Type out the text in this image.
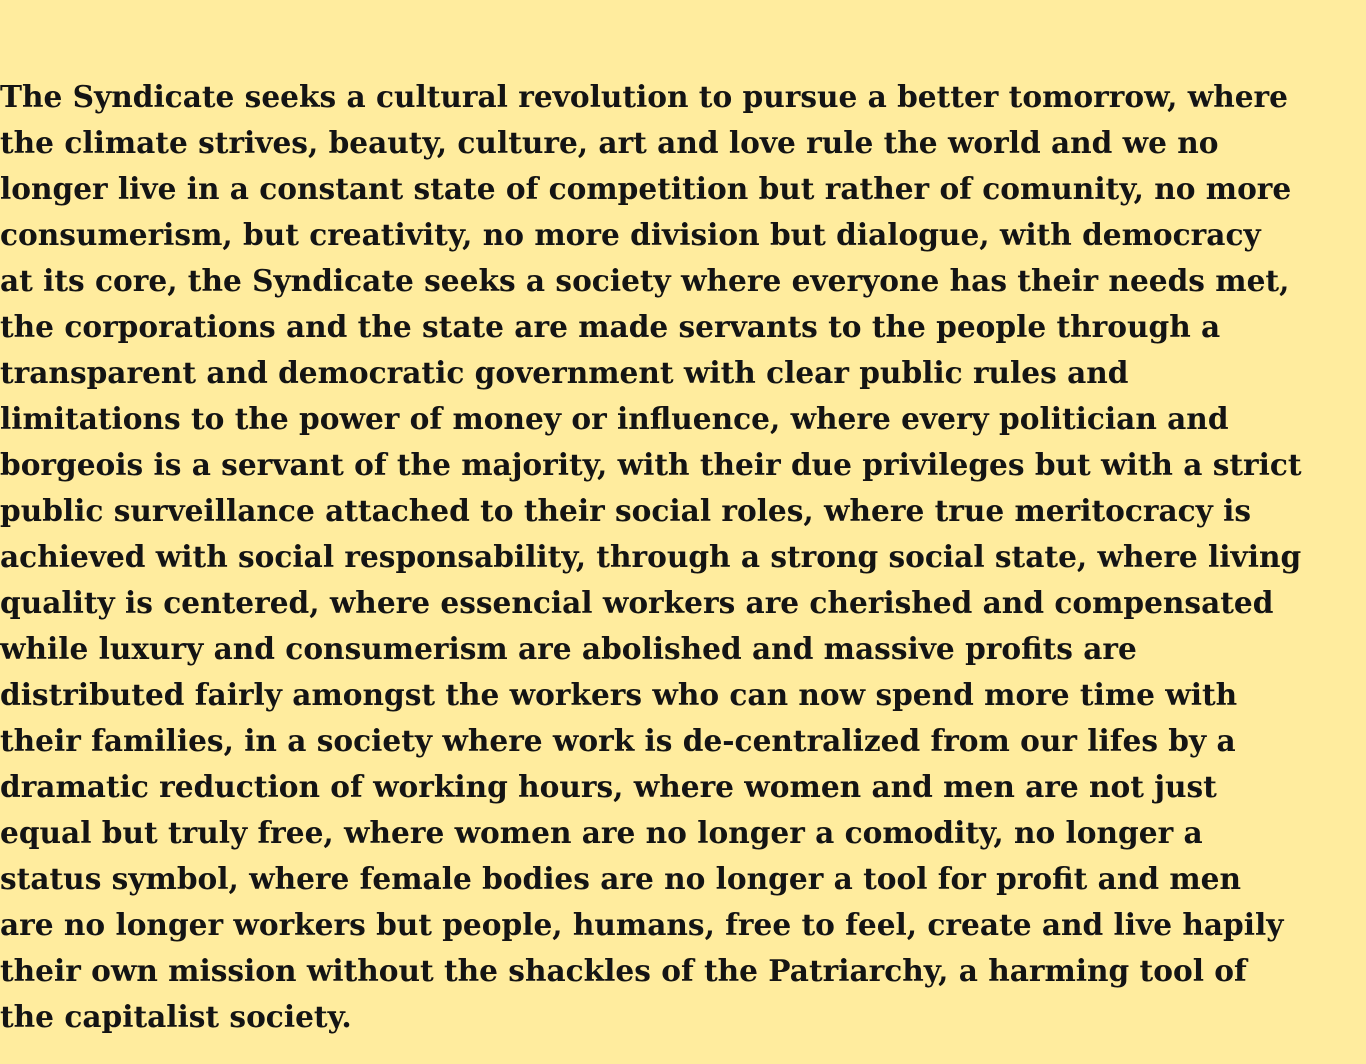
The Syndicate seeks a cultural revolution to pursue a better tomorrow, where
the climate strives, beauty, culture, art and love rule the world and we no
longer live in a constant state of competition but rather of comunity, no more
consumerism, but creativity, no more division but dialogue, with democracy
at its core, the Syndicate seeks a society where everyone has their needs met,
the corporations and the state are made servants to the people through a
transparent and democratic government with clear public rules and
limitations to the power of money or influence, where every politician and
borgeois is a servant of the majority, with their due privileges but with a strict
public surveillance attached to their social roles, where true meritocracy is
achieved with social responsability, through a strong social state, where living
quality is centered, where essencial workers are cherished and compensated
while luxury and consumerism are abolished and massive profits are
distributed fairly amongst the workers who can now spend more time with
their families, in a society where work is de-centralized from our lifes by a
dramatic reduction of working hours, where women and men are not just
equal but truly free, where women are no longer a comodity, no longer a
status symbol, where female bodies are no longer a tool for profit and men
are no longer workers but people, humans, free to feel, create and live hapily
their own mission without the shackles of the Patriarchy, a harming tool of
the capitalist society.
